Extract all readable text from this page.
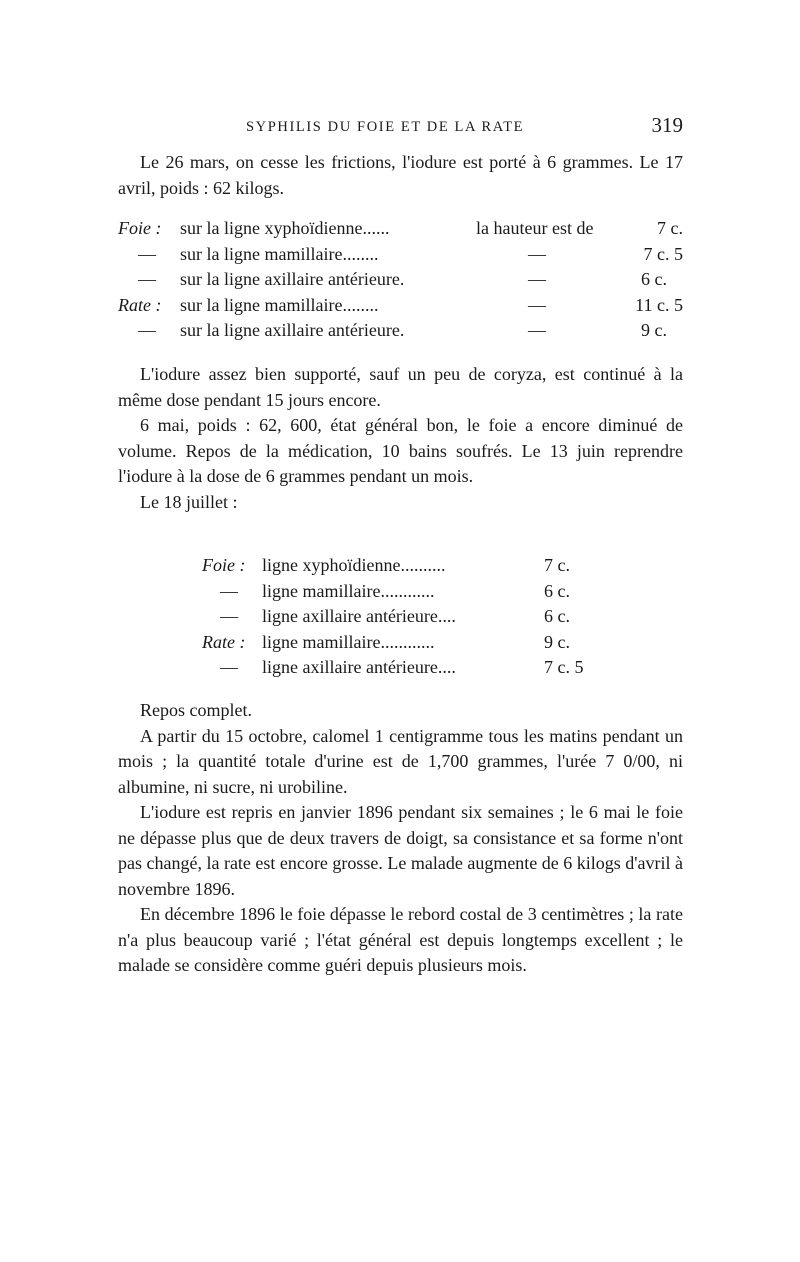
SYPHILIS DU FOIE ET DE LA RATE	319

Le 26 mars, on cesse les frictions, l'iodure est porté à 6 grammes. Le 17 avril, poids : 62 kilogs.

Foie : sur la ligne xyphoïdienne......	la hauteur est de	7 c.
— sur la ligne mamillaire........	—	7 c. 5
— sur la ligne axillaire antérieure.	—	6 c.
Rate : sur la ligne mamillaire........	—	11 c. 5
— sur la ligne axillaire antérieure.	—	9 c.

L'iodure assez bien supporté, sauf un peu de coryza, est continué à la même dose pendant 15 jours encore.

6 mai, poids : 62, 600, état général bon, le foie a encore diminué de volume. Repos de la médication, 10 bains soufrés. Le 13 juin reprendre l'iodure à la dose de 6 grammes pendant un mois.

Le 18 juillet :

Foie : ligne xyphoïdienne..........	7 c.
— ligne mamillaire............	6 c.
— ligne axillaire antérieure....	6 c.
Rate : ligne mamillaire............	9 c.
— ligne axillaire antérieure....	7 c. 5

Repos complet.

A partir du 15 octobre, calomel 1 centigramme tous les matins pendant un mois ; la quantité totale d'urine est de 1,700 grammes, l'urée 7 0/00, ni albumine, ni sucre, ni urobiline.

L'iodure est repris en janvier 1896 pendant six semaines ; le 6 mai le foie ne dépasse plus que de deux travers de doigt, sa consistance et sa forme n'ont pas changé, la rate est encore grosse. Le malade augmente de 6 kilogs d'avril à novembre 1896.

En décembre 1896 le foie dépasse le rebord costal de 3 centimètres ; la rate n'a plus beaucoup varié ; l'état général est depuis longtemps excellent ; le malade se considère comme guéri depuis plusieurs mois.
